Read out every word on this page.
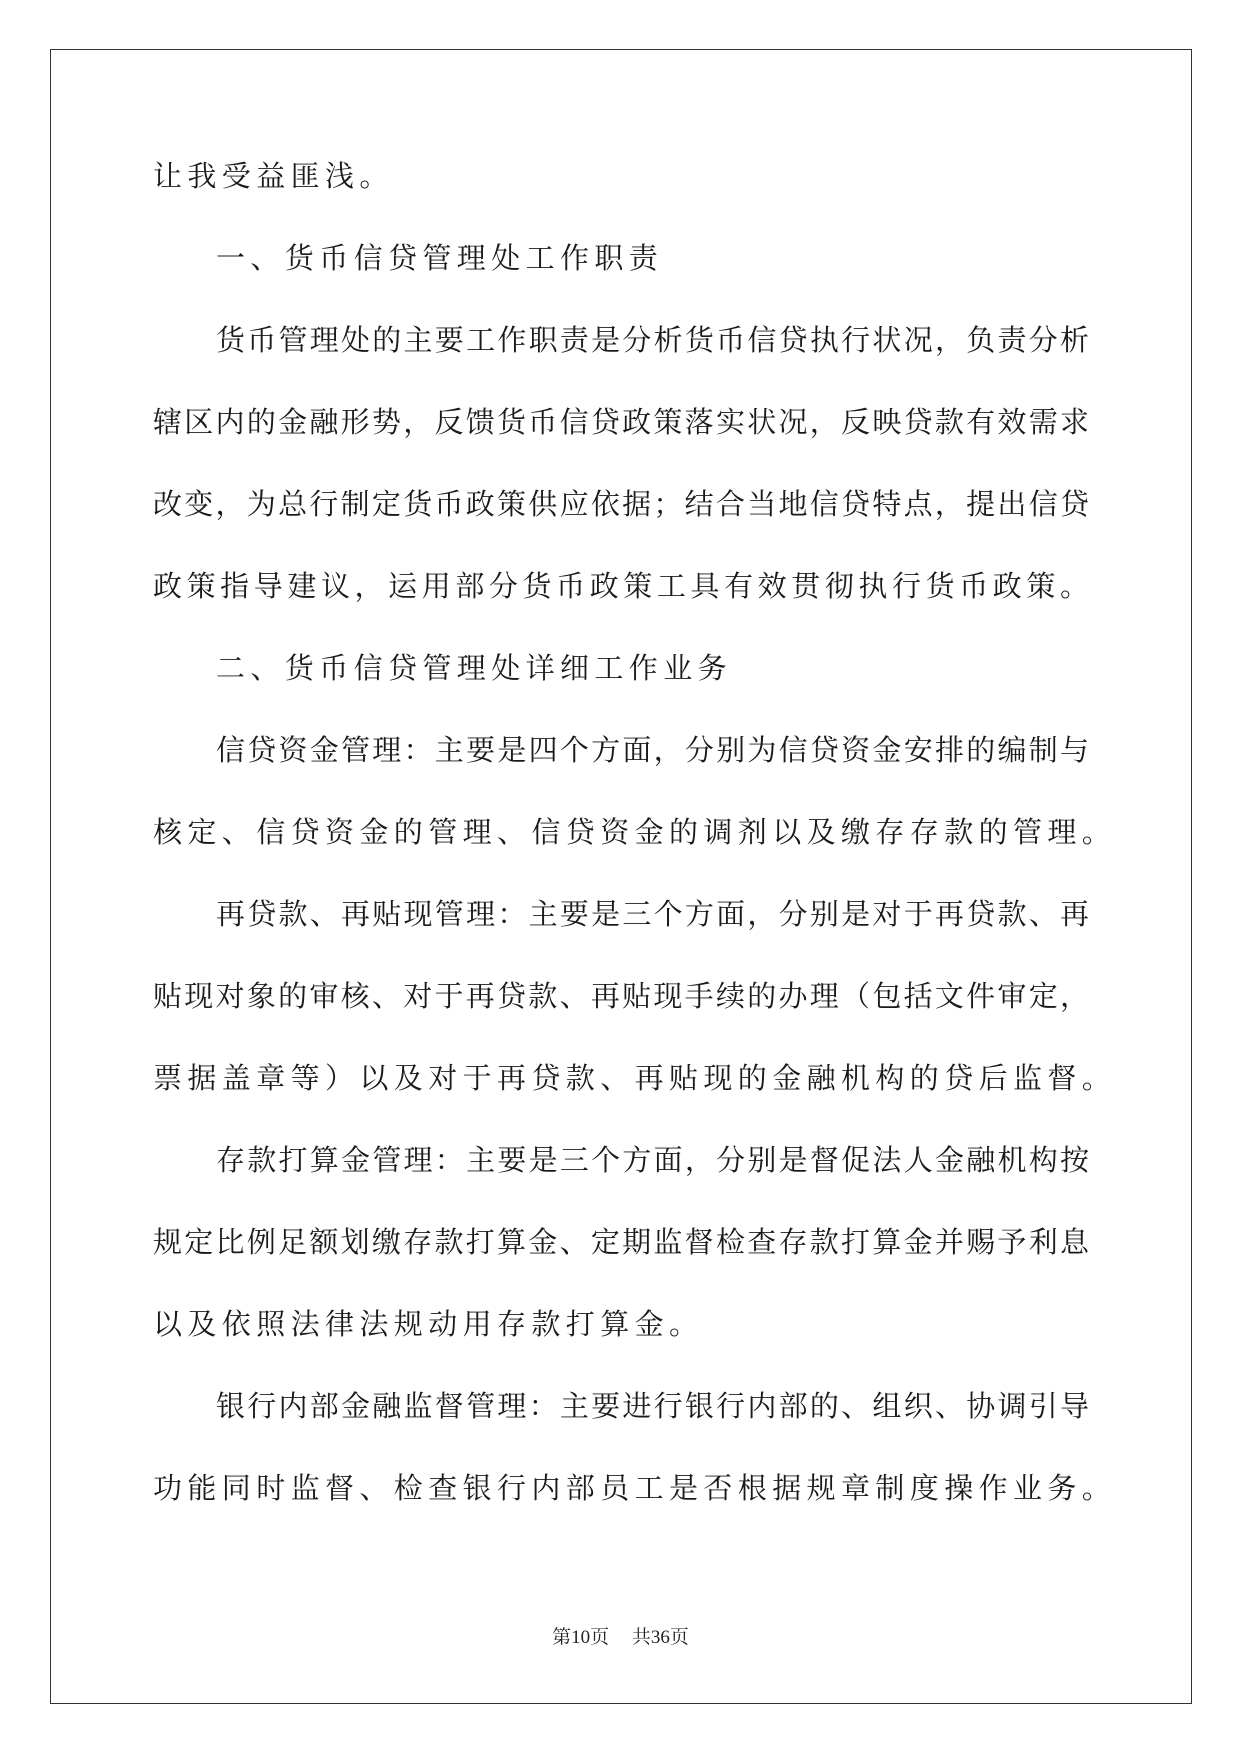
让我受益匪浅。
一、货币信贷管理处工作职责
货币管理处的主要工作职责是分析货币信贷执行状况，负责分析
辖区内的金融形势，反馈货币信贷政策落实状况，反映贷款有效需求
改变，为总行制定货币政策供应依据；结合当地信贷特点，提出信贷
政策指导建议，运用部分货币政策工具有效贯彻执行货币政策。
二、货币信贷管理处详细工作业务
信贷资金管理：主要是四个方面，分别为信贷资金安排的编制与
核定、信贷资金的管理、信贷资金的调剂以及缴存存款的管理。
再贷款、再贴现管理：主要是三个方面，分别是对于再贷款、再
贴现对象的审核、对于再贷款、再贴现手续的办理（包括文件审定，
票据盖章等）以及对于再贷款、再贴现的金融机构的贷后监督。
存款打算金管理：主要是三个方面，分别是督促法人金融机构按
规定比例足额划缴存款打算金、定期监督检查存款打算金并赐予利息
以及依照法律法规动用存款打算金。
银行内部金融监督管理：主要进行银行内部的、组织、协调引导
功能同时监督、检查银行内部员工是否根据规章制度操作业务。
第10页 共36页
